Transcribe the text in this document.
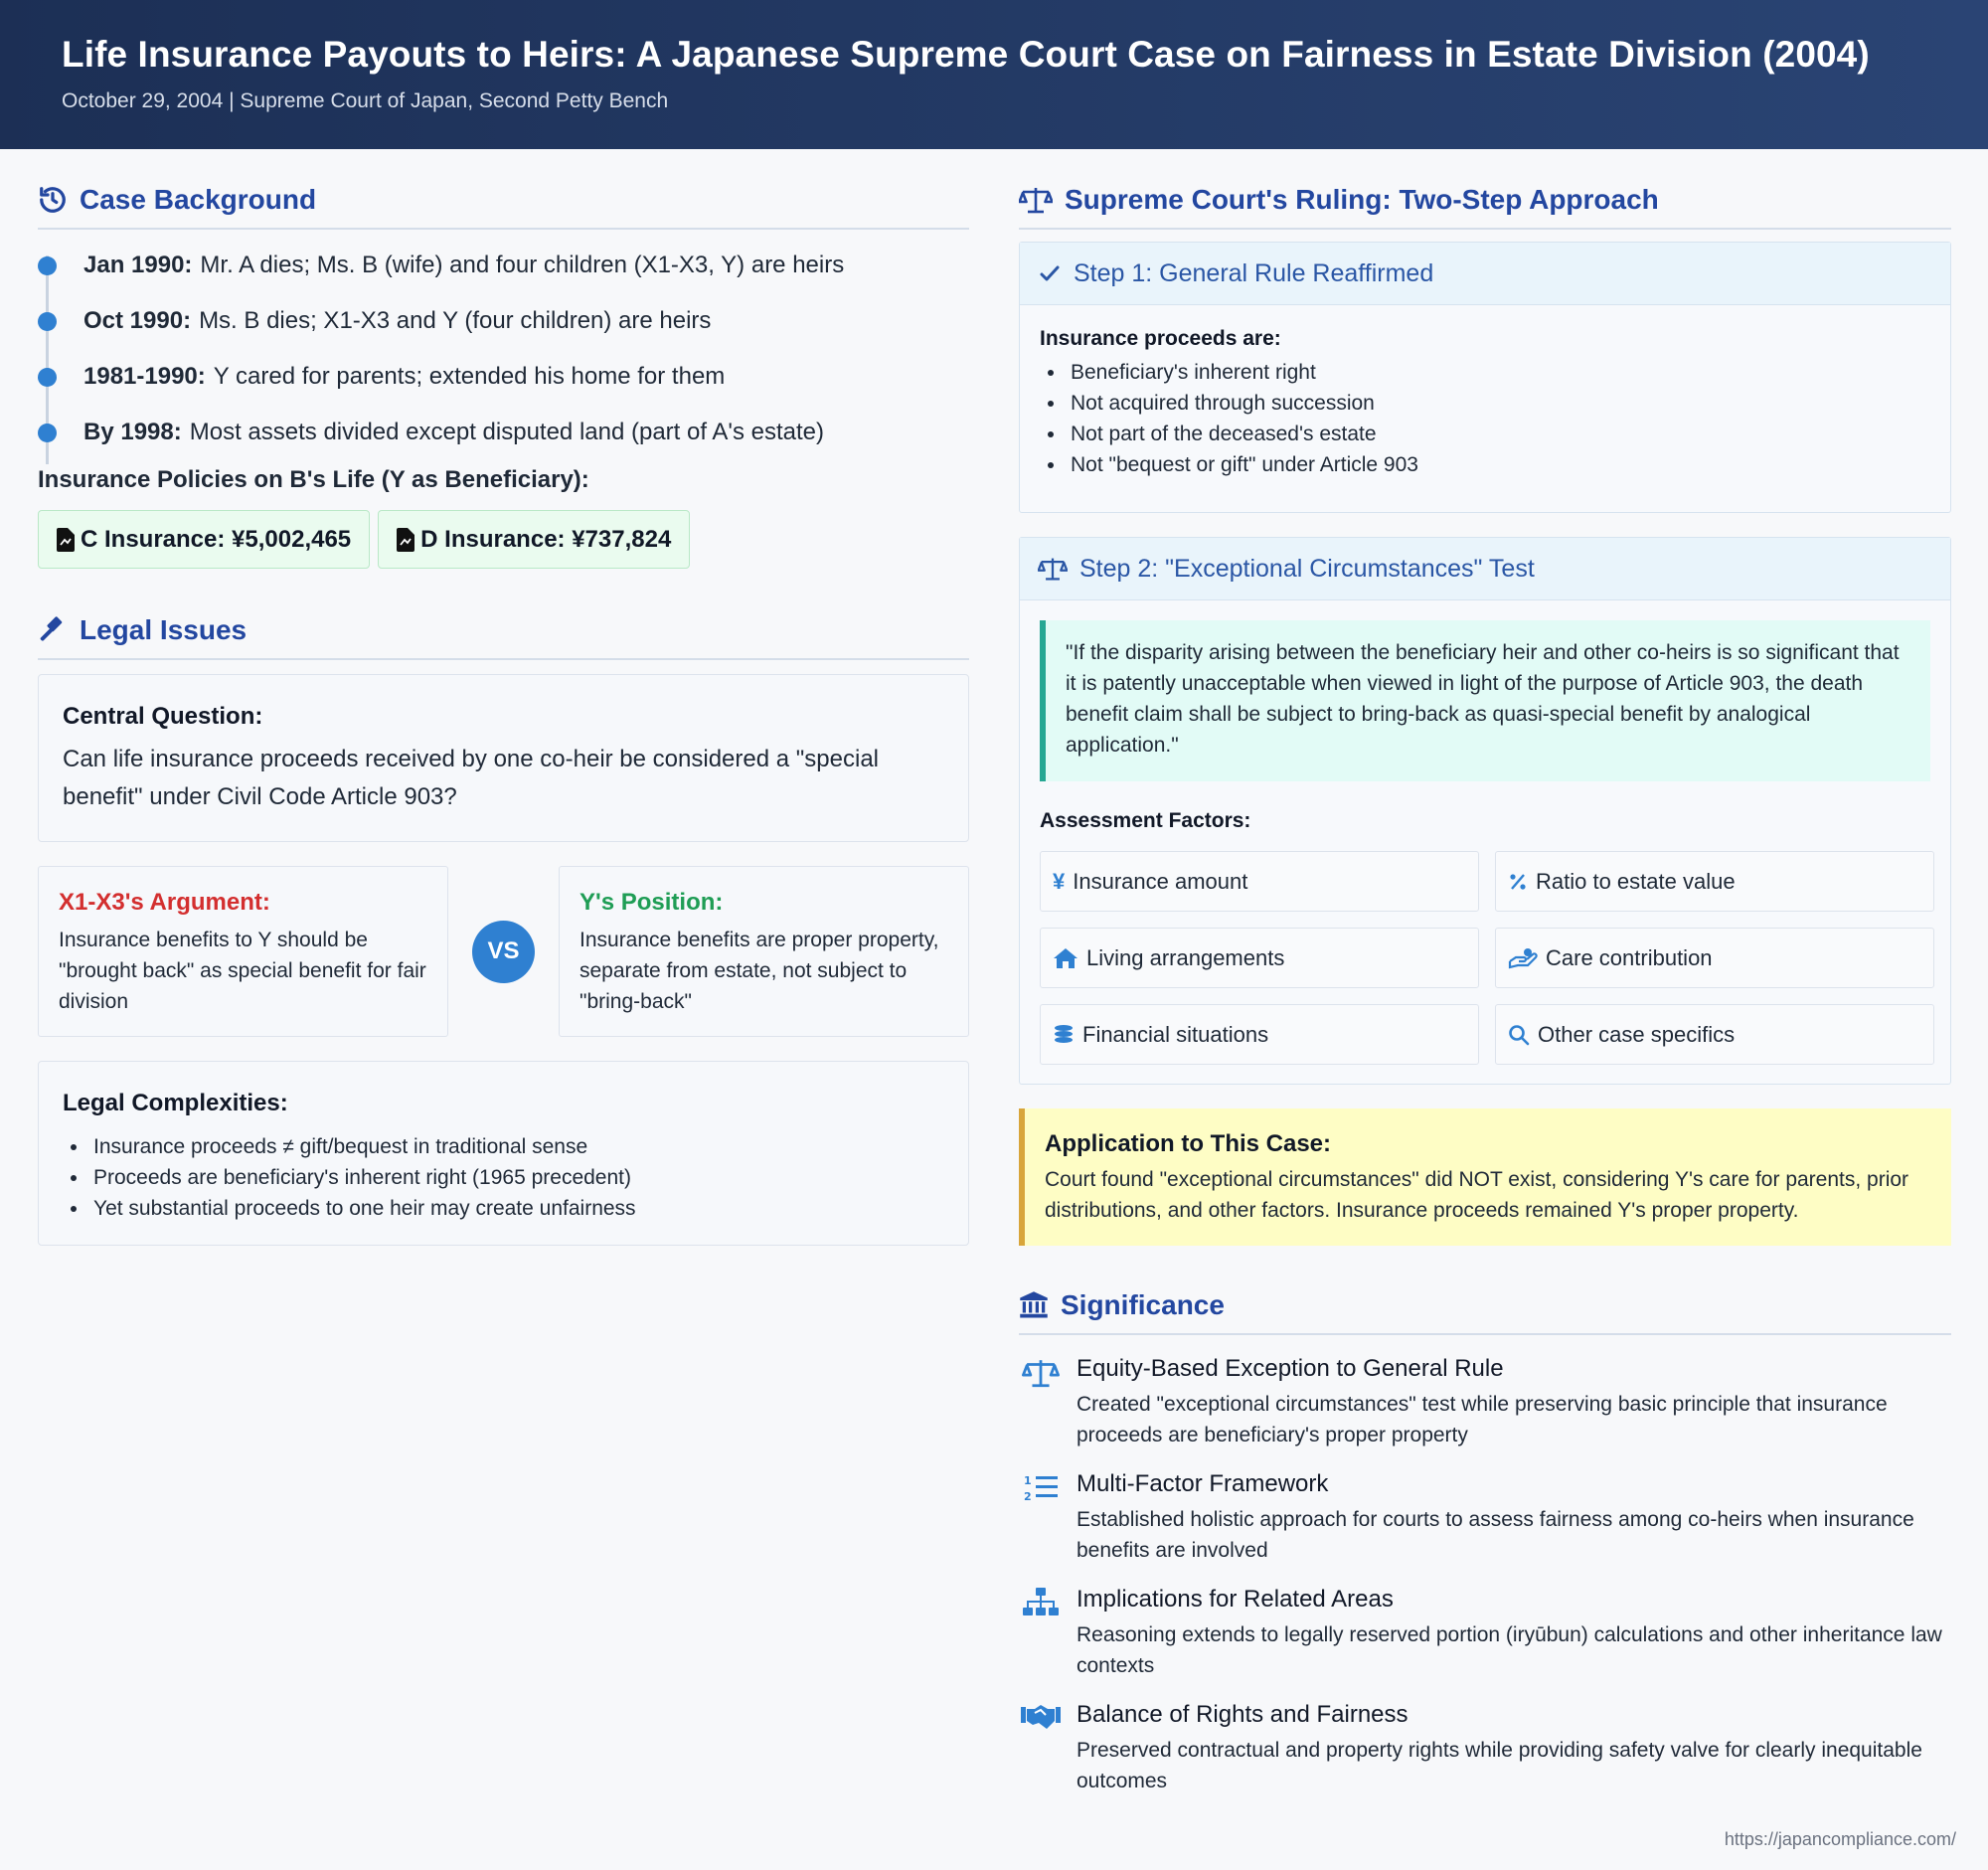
Life Insurance Payouts to Heirs: A Japanese Supreme Court Case on Fairness in Estate Division (2004)
October 29, 2004 | Supreme Court of Japan, Second Petty Bench
Case Background
Jan 1990: Mr. A dies; Ms. B (wife) and four children (X1-X3, Y) are heirs
Oct 1990: Ms. B dies; X1-X3 and Y (four children) are heirs
1981-1990: Y cared for parents; extended his home for them
By 1998: Most assets divided except disputed land (part of A's estate)
Insurance Policies on B's Life (Y as Beneficiary):
C Insurance: ¥5,002,465	D Insurance: ¥737,824
Legal Issues
Central Question:
Can life insurance proceeds received by one co-heir be considered a "special benefit" under Civil Code Article 903?
X1-X3's Argument:
Insurance benefits to Y should be "brought back" as special benefit for fair division
VS
Y's Position:
Insurance benefits are proper property, separate from estate, not subject to "bring-back"
Legal Complexities:
Insurance proceeds ≠ gift/bequest in traditional sense
Proceeds are beneficiary's inherent right (1965 precedent)
Yet substantial proceeds to one heir may create unfairness
Supreme Court's Ruling: Two-Step Approach
Step 1: General Rule Reaffirmed
Insurance proceeds are:
Beneficiary's inherent right
Not acquired through succession
Not part of the deceased's estate
Not "bequest or gift" under Article 903
Step 2: "Exceptional Circumstances" Test
"If the disparity arising between the beneficiary heir and other co-heirs is so significant that it is patently unacceptable when viewed in light of the purpose of Article 903, the death benefit claim shall be subject to bring-back as quasi-special benefit by analogical application."
Assessment Factors:
¥ Insurance amount	Ratio to estate value
Living arrangements	Care contribution
Financial situations	Other case specifics
Application to This Case:
Court found "exceptional circumstances" did NOT exist, considering Y's care for parents, prior distributions, and other factors. Insurance proceeds remained Y's proper property.
Significance
Equity-Based Exception to General Rule
Created "exceptional circumstances" test while preserving basic principle that insurance proceeds are beneficiary's proper property
1
2 Multi-Factor Framework
Established holistic approach for courts to assess fairness among co-heirs when insurance benefits are involved
Implications for Related Areas
Reasoning extends to legally reserved portion (iryūbun) calculations and other inheritance law contexts
Balance of Rights and Fairness
Preserved contractual and property rights while providing safety valve for clearly inequitable outcomes
https://japancompliance.com/
